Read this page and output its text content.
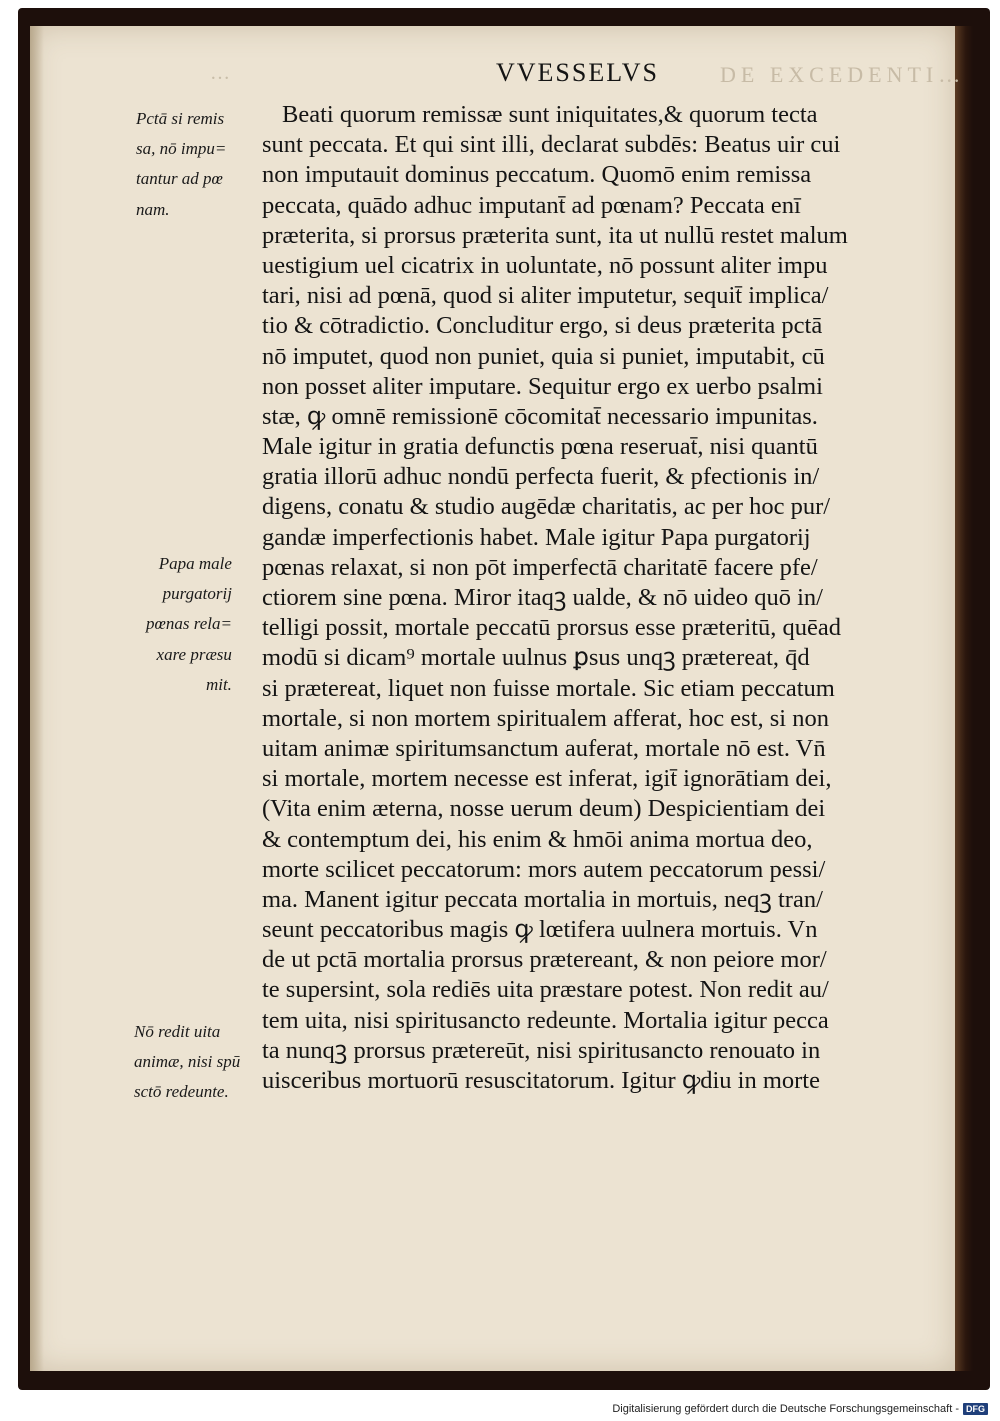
…	DE EXCEDENTI…
VVESSELVS
Beati quorum remissæ sunt iniquitates,& quorum tecta
sunt peccata. Et qui sint illi, declarat subdēs: Beatus uir cui
non imputauit dominus peccatum. Quomō enim remissa
peccata, quādo adhuc imputant̄ ad pœnam? Peccata enī
præterita, si prorsus præterita sunt, ita ut nullū restet malum
uestigium uel cicatrix in uoluntate, nō possunt aliter impu
tari, nisi ad pœnā, quod si aliter imputetur, sequit̄ implica/
tio & cōtradictio. Concluditur ergo, si deus præterita pctā
nō imputet, quod non puniet, quia si puniet, imputabit, cū
non posset aliter imputare. Sequitur ergo ex uerbo psalmi
stæ, ꝙ omnē remissionē cōcomitat̄ necessario impunitas.
Male igitur in gratia defunctis pœna reseruat̄, nisi quantū
gratia illorū adhuc nondū perfecta fuerit, & pfectionis in/
digens, conatu & studio augēdæ charitatis, ac per hoc pur/
gandæ imperfectionis habet. Male igitur Papa purgatorij
pœnas relaxat, si non pōt imperfectā charitatē facere pfe/
ctiorem sine pœna. Miror itaqꝫ ualde, & nō uideo quō in/
telligi possit, mortale peccatū prorsus esse præteritū, quēad
modū si dicam⁹ mortale uulnus ꝑsus unqꝫ prætereat, q̄d
si prætereat, liquet non fuisse mortale. Sic etiam peccatum
mortale, si non mortem spiritualem afferat, hoc est, si non
uitam animæ spiritumsanctum auferat, mortale nō est. Vn̄
si mortale, mortem necesse est inferat, igit̄ ignorātiam dei,
(Vita enim æterna, nosse uerum deum) Despicientiam dei
& contemptum dei, his enim & hmōi anima mortua deo,
morte scilicet peccatorum: mors autem peccatorum pessi/
ma. Manent igitur peccata mortalia in mortuis, neqꝫ tran/
seunt peccatoribus magis ꝙ lœtifera uulnera mortuis. Vn
de ut pctā mortalia prorsus prætereant, & non peiore mor/
te supersint, sola rediēs uita præstare potest. Non redit au/
tem uita, nisi spiritusancto redeunte. Mortalia igitur pecca
ta nunqꝫ prorsus prætereūt, nisi spiritusancto renouato in
uisceribus mortuorū resuscitatorum. Igitur ꝙdiu in morte
Pctā si remis
sa, nō impu=
tantur ad pœ
nam.
Papa male
purgatorij
pœnas rela=
xare præsu
mit.
Nō redit uita
animæ, nisi spū
sctō redeunte.
Digitalisierung gefördert durch die Deutsche Forschungsgemeinschaft - DFG
